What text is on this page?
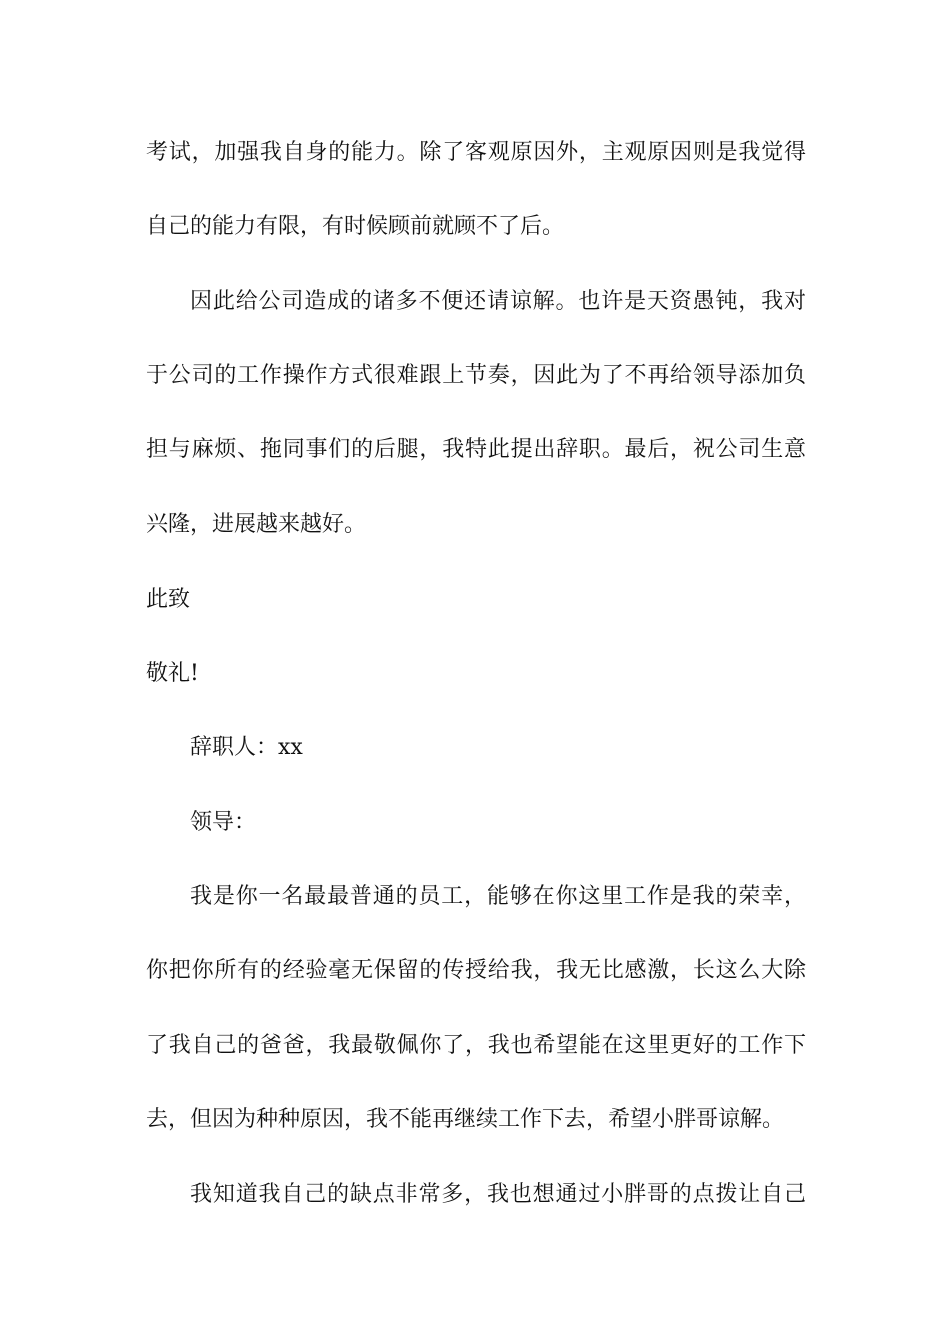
考试，加强我自身的能力。除了客观原因外，主观原因则是我觉得
自己的能力有限，有时候顾前就顾不了后。
因此给公司造成的诸多不便还请谅解。也许是天资愚钝，我对
于公司的工作操作方式很难跟上节奏，因此为了不再给领导添加负
担与麻烦、拖同事们的后腿，我特此提出辞职。最后，祝公司生意
兴隆，进展越来越好。
此致
敬礼!
辞职人：xx
领导：
我是你一名最最普通的员工，能够在你这里工作是我的荣幸，
你把你所有的经验毫无保留的传授给我，我无比感激，长这么大除
了我自己的爸爸，我最敬佩你了，我也希望能在这里更好的工作下
去，但因为种种原因，我不能再继续工作下去，希望小胖哥谅解。
我知道我自己的缺点非常多，我也想通过小胖哥的点拨让自己
